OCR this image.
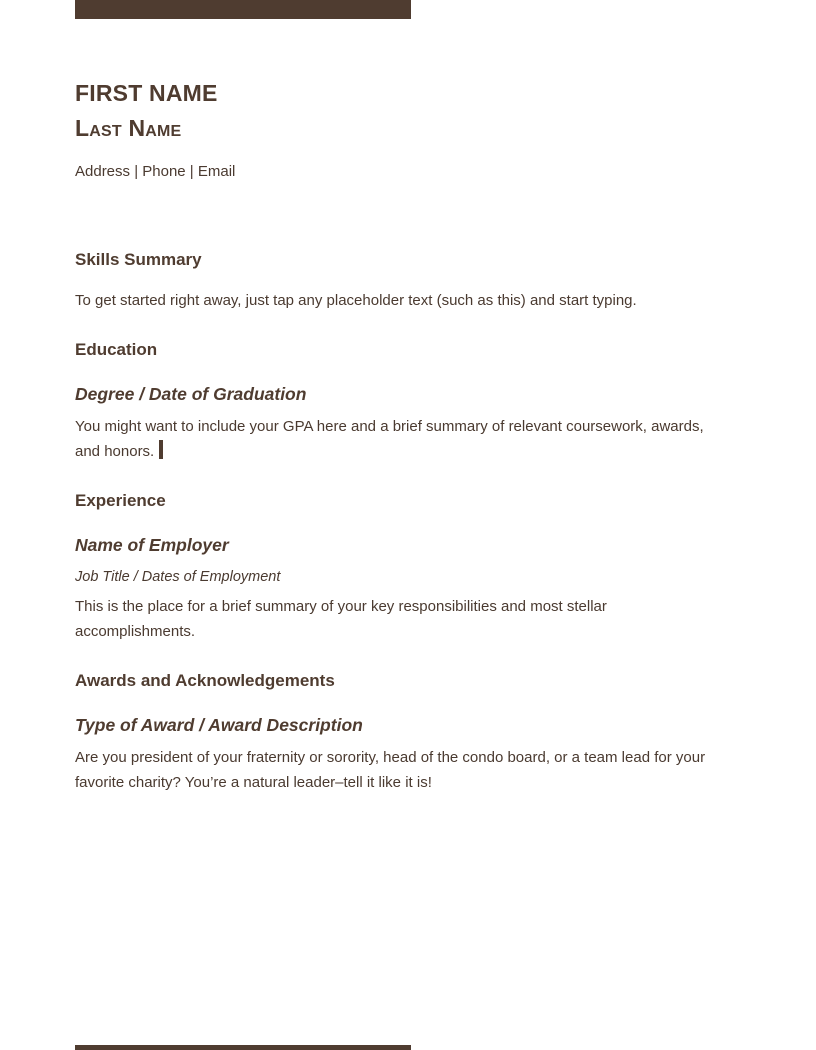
FIRST NAME
Last Name
Address | Phone | Email
Skills Summary

To get started right away, just tap any placeholder text (such as this) and start typing.

Education
Degree / Date of Graduation

You might want to include your GPA here and a brief summary of relevant coursework, awards, and honors.

Experience
Name of Employer
Job Title / Dates of Employment

This is the place for a brief summary of your key responsibilities and most stellar accomplishments.

Awards and Acknowledgements
Type of Award / Award Description

Are you president of your fraternity or sorority, head of the condo board, or a team lead for your favorite charity? You’re a natural leader–tell it like it is!
